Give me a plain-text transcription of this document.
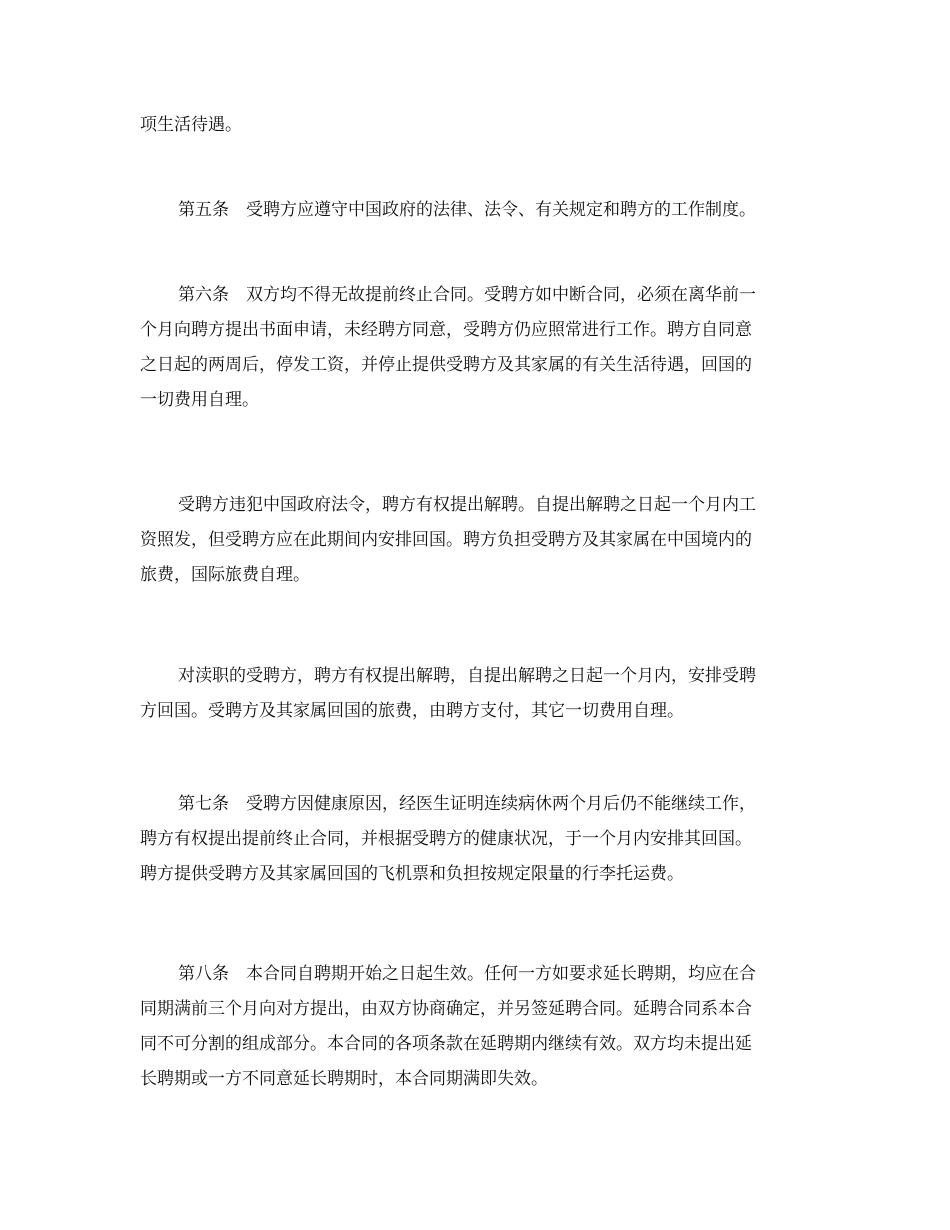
项生活待遇。

第五条　受聘方应遵守中国政府的法律、法令、有关规定和聘方的工作制度。

第六条　双方均不得无故提前终止合同。受聘方如中断合同，必须在离华前一
个月向聘方提出书面申请，未经聘方同意，受聘方仍应照常进行工作。聘方自同意
之日起的两周后，停发工资，并停止提供受聘方及其家属的有关生活待遇，回国的
一切费用自理。

受聘方违犯中国政府法令，聘方有权提出解聘。自提出解聘之日起一个月内工
资照发，但受聘方应在此期间内安排回国。聘方负担受聘方及其家属在中国境内的
旅费，国际旅费自理。

对渎职的受聘方，聘方有权提出解聘，自提出解聘之日起一个月内，安排受聘
方回国。受聘方及其家属回国的旅费，由聘方支付，其它一切费用自理。

第七条　受聘方因健康原因，经医生证明连续病休两个月后仍不能继续工作，
聘方有权提出提前终止合同，并根据受聘方的健康状况，于一个月内安排其回国。
聘方提供受聘方及其家属回国的飞机票和负担按规定限量的行李托运费。

第八条　本合同自聘期开始之日起生效。任何一方如要求延长聘期，均应在合
同期满前三个月向对方提出，由双方协商确定，并另签延聘合同。延聘合同系本合
同不可分割的组成部分。本合同的各项条款在延聘期内继续有效。双方均未提出延
长聘期或一方不同意延长聘期时，本合同期满即失效。
